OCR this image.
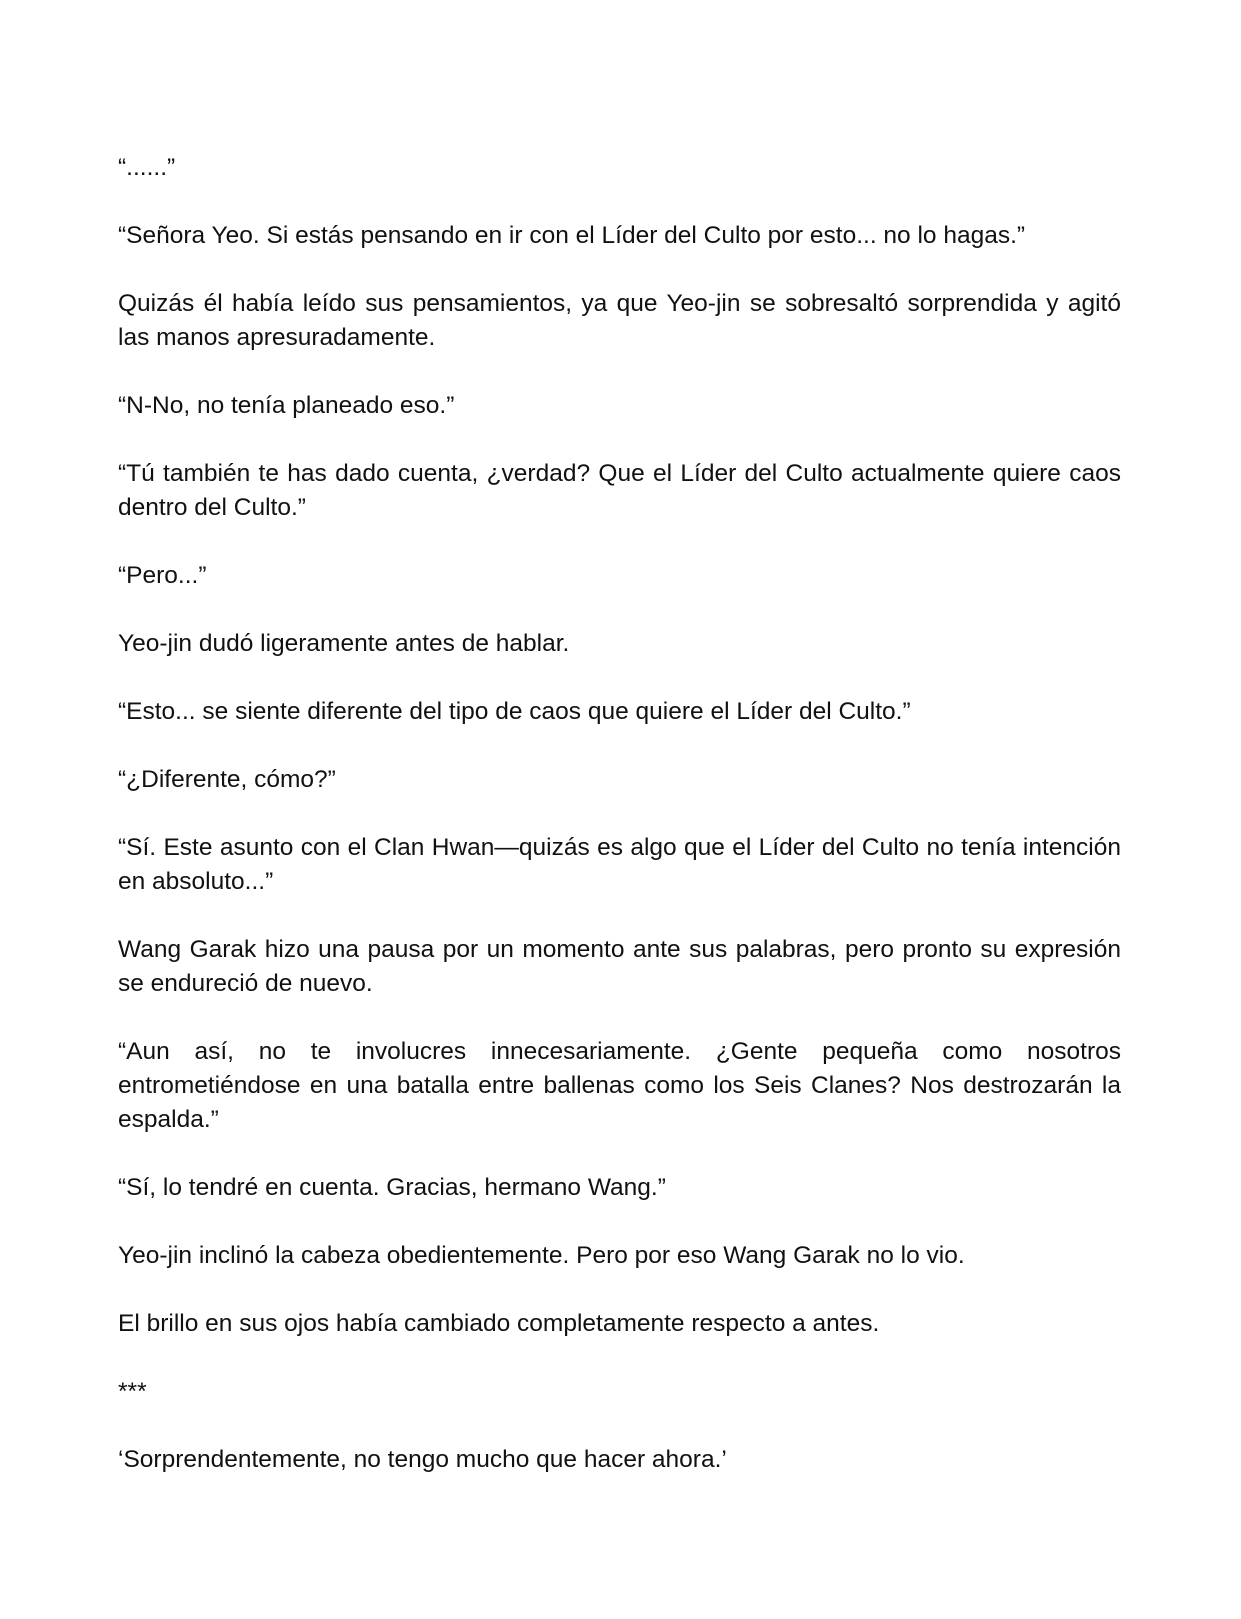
“......”

“Señora Yeo. Si estás pensando en ir con el Líder del Culto por esto... no lo hagas.”

Quizás él había leído sus pensamientos, ya que Yeo-jin se sobresaltó sorprendida y agitó las manos apresuradamente.

“N-No, no tenía planeado eso.”

“Tú también te has dado cuenta, ¿verdad? Que el Líder del Culto actualmente quiere caos dentro del Culto.”

“Pero...”

Yeo-jin dudó ligeramente antes de hablar.

“Esto... se siente diferente del tipo de caos que quiere el Líder del Culto.”

“¿Diferente, cómo?”

“Sí. Este asunto con el Clan Hwan—quizás es algo que el Líder del Culto no tenía intención en absoluto...”

Wang Garak hizo una pausa por un momento ante sus palabras, pero pronto su expresión se endureció de nuevo.

“Aun así, no te involucres innecesariamente. ¿Gente pequeña como nosotros entrometiéndose en una batalla entre ballenas como los Seis Clanes? Nos destrozarán la espalda.”

“Sí, lo tendré en cuenta. Gracias, hermano Wang.”

Yeo-jin inclinó la cabeza obedientemente. Pero por eso Wang Garak no lo vio.

El brillo en sus ojos había cambiado completamente respecto a antes.

***

‘Sorprendentemente, no tengo mucho que hacer ahora.’
